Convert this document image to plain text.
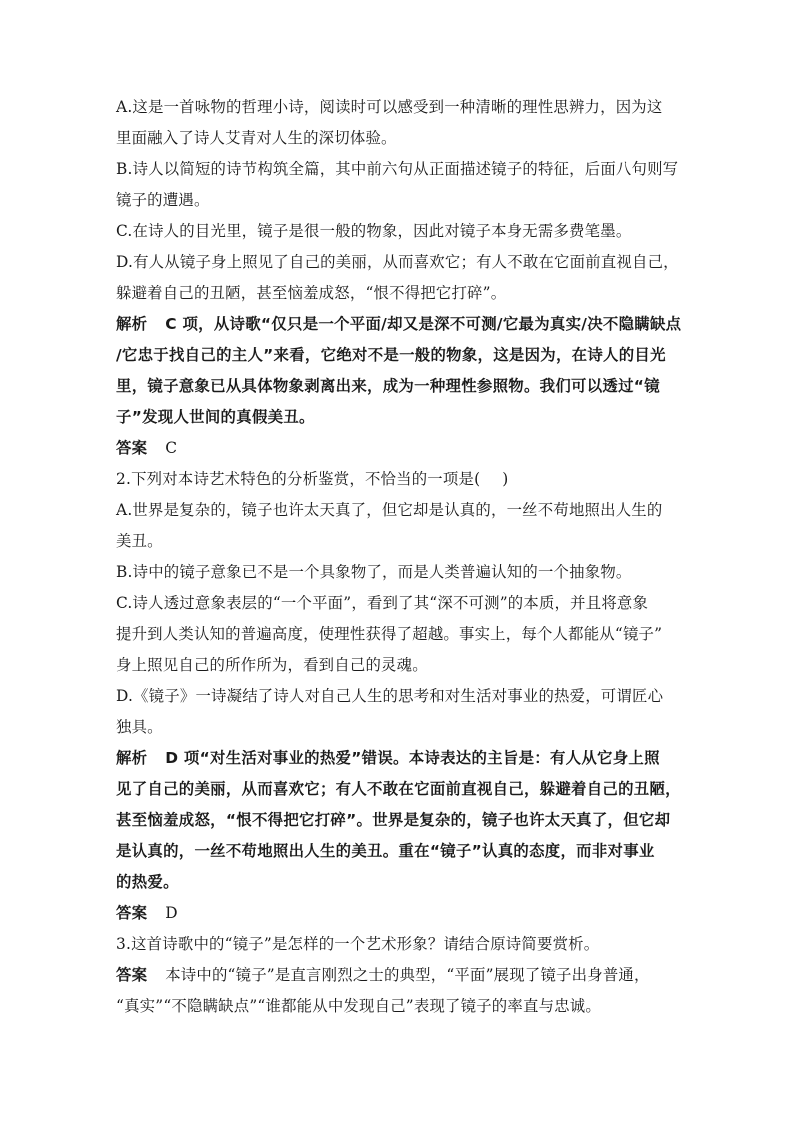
A.这是一首咏物的哲理小诗，阅读时可以感受到一种清晰的理性思辨力，因为这
里面融入了诗人艾青对人生的深切体验。
B.诗人以简短的诗节构筑全篇，其中前六句从正面描述镜子的特征，后面八句则写
镜子的遭遇。
C.在诗人的目光里，镜子是很一般的物象，因此对镜子本身无需多费笔墨。
D.有人从镜子身上照见了自己的美丽，从而喜欢它；有人不敢在它面前直视自己，
躲避着自己的丑陋，甚至恼羞成怒，“恨不得把它打碎”。
解析 C 项，从诗歌“仅只是一个平面/却又是深不可测/它最为真实/决不隐瞒缺点
/它忠于找自己的主人”来看，它绝对不是一般的物象，这是因为，在诗人的目光
里，镜子意象已从具体物象剥离出来，成为一种理性参照物。我们可以透过“镜
子”发现人世间的真假美丑。
答案 C
2.下列对本诗艺术特色的分析鉴赏，不恰当的一项是( )
A.世界是复杂的，镜子也许太天真了，但它却是认真的，一丝不苟地照出人生的
美丑。
B.诗中的镜子意象已不是一个具象物了，而是人类普遍认知的一个抽象物。
C.诗人透过意象表层的“一个平面”，看到了其“深不可测”的本质，并且将意象
提升到人类认知的普遍高度，使理性获得了超越。事实上，每个人都能从“镜子”
身上照见自己的所作所为，看到自己的灵魂。
D.《镜子》一诗凝结了诗人对自己人生的思考和对生活对事业的热爱，可谓匠心
独具。
解析 D 项“对生活对事业的热爱”错误。本诗表达的主旨是：有人从它身上照
见了自己的美丽，从而喜欢它；有人不敢在它面前直视自己，躲避着自己的丑陋，
甚至恼羞成怒，“恨不得把它打碎”。世界是复杂的，镜子也许太天真了，但它却
是认真的，一丝不苟地照出人生的美丑。重在“镜子”认真的态度，而非对事业
的热爱。
答案 D
3.这首诗歌中的“镜子”是怎样的一个艺术形象？请结合原诗简要赏析。
答案 本诗中的“镜子”是直言刚烈之士的典型，“平面”展现了镜子出身普通，
“真实”“不隐瞒缺点”“谁都能从中发现自己”表现了镜子的率直与忠诚。
